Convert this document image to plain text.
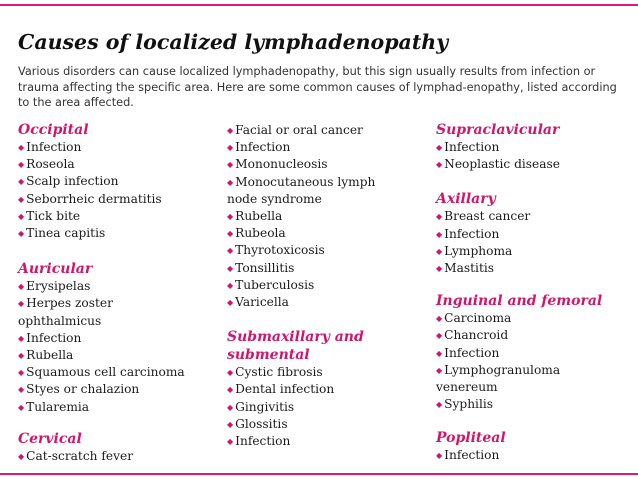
Causes of localized lymphadenopathy
Various disorders can cause localized lymphadenopathy, but this sign usually results from infection or trauma affecting the specific area. Here are some common causes of lymphad-enopathy, listed according to the area affected.
Occipital
◆ Infection
◆ Roseola
◆ Scalp infection
◆ Seborrheic dermatitis
◆ Tick bite
◆ Tinea capitis
Auricular
◆ Erysipelas
◆ Herpes zoster ophthalmicus
◆ Infection
◆ Rubella
◆ Squamous cell carcinoma
◆ Styes or chalazion
◆ Tularemia
Cervical
◆ Cat-scratch fever
◆ Facial or oral cancer
◆ Infection
◆ Mononucleosis
◆ Monocutaneous lymph node syndrome
◆ Rubella
◆ Rubeola
◆ Thyrotoxicosis
◆ Tonsillitis
◆ Tuberculosis
◆ Varicella
Submaxillary and submental
◆ Cystic fibrosis
◆ Dental infection
◆ Gingivitis
◆ Glossitis
◆ Infection
Supraclavicular
◆ Infection
◆ Neoplastic disease
Axillary
◆ Breast cancer
◆ Infection
◆ Lymphoma
◆ Mastitis
Inguinal and femoral
◆ Carcinoma
◆ Chancroid
◆ Infection
◆ Lymphogranuloma venereum
◆ Syphilis
Popliteal
◆ Infection
